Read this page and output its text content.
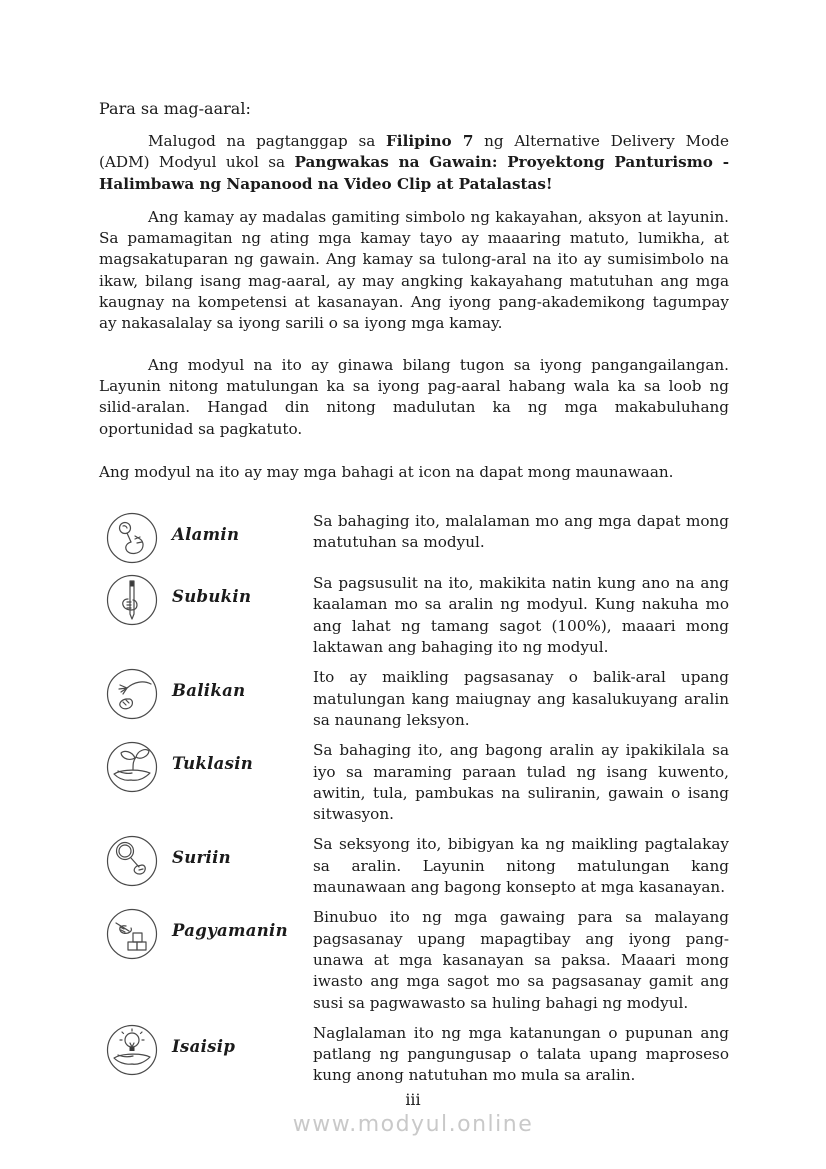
Para sa mag-aaral:

Malugod na pagtanggap sa Filipino 7 ng Alternative Delivery Mode (ADM) Modyul ukol sa Pangwakas na Gawain: Proyektong Panturismo - Halimbawa ng Napanood na Video Clip at Patalastas!

Ang kamay ay madalas gamiting simbolo ng kakayahan, aksyon at layunin. Sa pamamagitan ng ating mga kamay tayo ay maaaring matuto, lumikha, at magsakatuparan ng gawain. Ang kamay sa tulong-aral na ito ay sumisimbolo na ikaw, bilang isang mag-aaral, ay may angking kakayahang matutuhan ang mga kaugnay na kompetensi at kasanayan. Ang iyong pang-akademikong tagumpay ay nakasalalay sa iyong sarili o sa iyong mga kamay.

Ang modyul na ito ay ginawa bilang tugon sa iyong pangangailangan. Layunin nitong matulungan ka sa iyong pag-aaral habang wala ka sa loob ng silid-aralan. Hangad din nitong madulutan ka ng mga makabuluhang oportunidad sa pagkatuto.

Ang modyul na ito ay may mga bahagi at icon na dapat mong maunawaan.

Alamin
Sa bahaging ito, malalaman mo ang mga dapat mong matutuhan sa modyul.
Subukin
Sa pagsusulit na ito, makikita natin kung ano na ang kaalaman mo sa aralin ng modyul. Kung nakuha mo ang lahat ng tamang sagot (100%), maaari mong laktawan ang bahaging ito ng modyul.
Balikan
Ito ay maikling pagsasanay o balik-aral upang matulungan kang maiugnay ang kasalukuyang aralin sa naunang leksyon.
Tuklasin
Sa bahaging ito, ang bagong aralin ay ipakikilala sa iyo sa maraming paraan tulad ng isang kuwento, awitin, tula, pambukas na suliranin, gawain o isang sitwasyon.
Suriin
Sa seksyong ito, bibigyan ka ng maikling pagtalakay sa aralin. Layunin nitong matulungan kang maunawaan ang bagong konsepto at mga kasanayan.
Pagyamanin
Binubuo ito ng mga gawaing para sa malayang pagsasanay upang mapagtibay ang iyong pang-unawa at mga kasanayan sa paksa. Maaari mong iwasto ang mga sagot mo sa pagsasanay gamit ang susi sa pagwawasto sa huling bahagi ng modyul.
Isaisip
Naglalaman ito ng mga katanungan o pupunan ang patlang ng pangungusap o talata upang maproseso kung anong natutuhan mo mula sa aralin.
iii
www.modyul.online
